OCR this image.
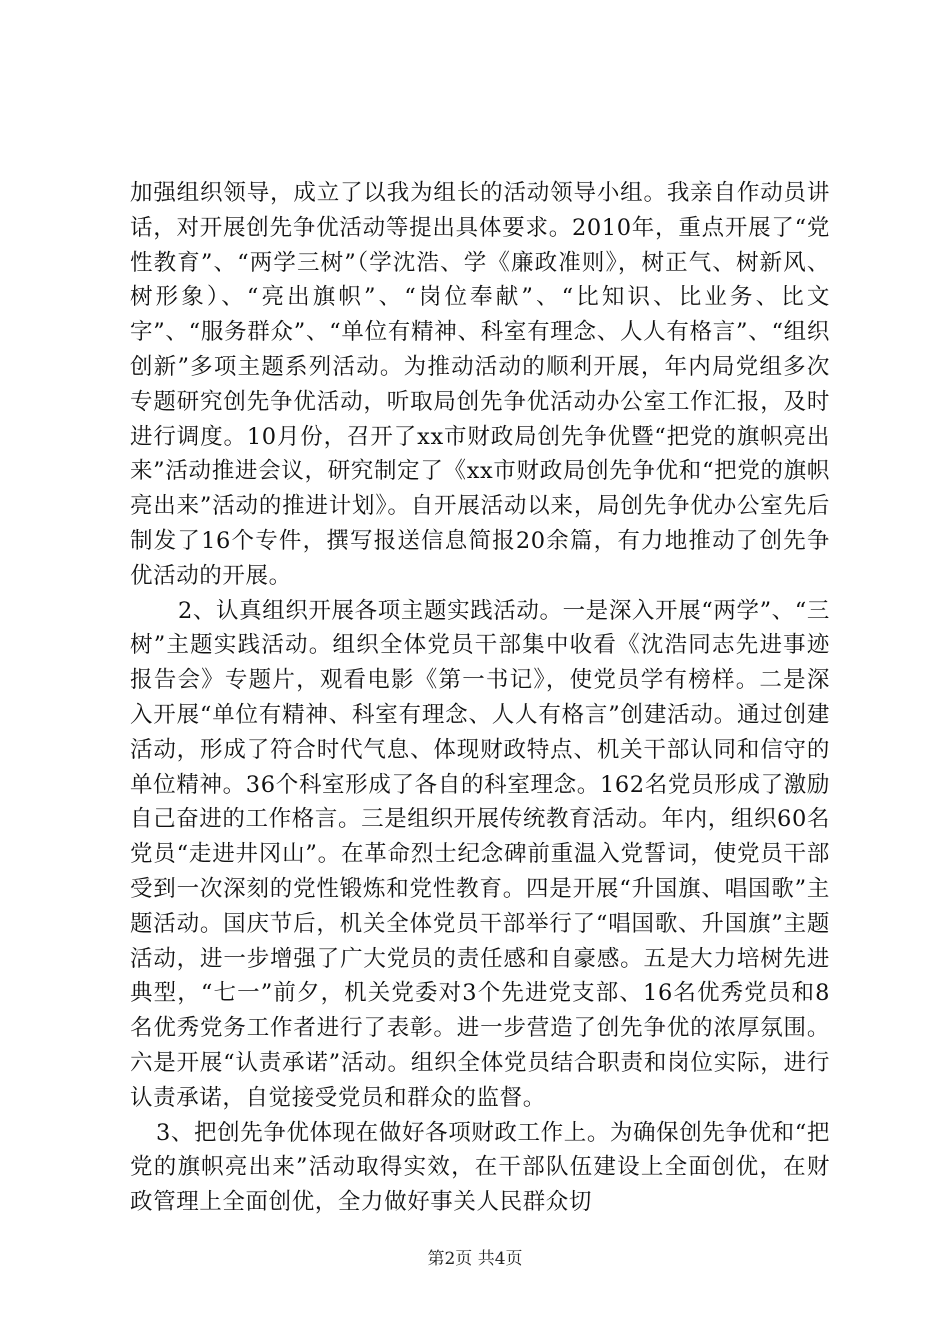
加强组织领导，成立了以我为组长的活动领导小组。我亲自作动员讲话，对开展创先争优活动等提出具体要求。2010年，重点开展了“党性教育”、“两学三树”（学沈浩、学《廉政准则》，树正气、树新风、树形象）、“亮出旗帜”、“岗位奉献”、“比知识、比业务、比文字”、“服务群众”、“单位有精神、科室有理念、人人有格言”、“组织创新”多项主题系列活动。为推动活动的顺利开展，年内局党组多次专题研究创先争优活动，听取局创先争优活动办公室工作汇报，及时进行调度。10月份，召开了xx市财政局创先争优暨“把党的旗帜亮出来”活动推进会议，研究制定了《xx市财政局创先争优和“把党的旗帜亮出来”活动的推进计划》。自开展活动以来，局创先争优办公室先后制发了16个专件，撰写报送信息简报20余篇，有力地推动了创先争优活动的开展。

2、认真组织开展各项主题实践活动。一是深入开展“两学”、“三树”主题实践活动。组织全体党员干部集中收看《沈浩同志先进事迹报告会》专题片，观看电影《第一书记》，使党员学有榜样。二是深入开展“单位有精神、科室有理念、人人有格言”创建活动。通过创建活动，形成了符合时代气息、体现财政特点、机关干部认同和信守的单位精神。36个科室形成了各自的科室理念。162名党员形成了激励自己奋进的工作格言。三是组织开展传统教育活动。年内，组织60名党员“走进井冈山”。在革命烈士纪念碑前重温入党誓词，使党员干部受到一次深刻的党性锻炼和党性教育。四是开展“升国旗、唱国歌”主题活动。国庆节后，机关全体党员干部举行了“唱国歌、升国旗”主题活动，进一步增强了广大党员的责任感和自豪感。五是大力培树先进典型，“七一”前夕，机关党委对3个先进党支部、16名优秀党员和8名优秀党务工作者进行了表彰。进一步营造了创先争优的浓厚氛围。六是开展“认责承诺”活动。组织全体党员结合职责和岗位实际，进行认责承诺，自觉接受党员和群众的监督。

3、把创先争优体现在做好各项财政工作上。为确保创先争优和“把党的旗帜亮出来”活动取得实效，在干部队伍建设上全面创优，在财政管理上全面创优，全力做好事关人民群众切

第2页 共4页
